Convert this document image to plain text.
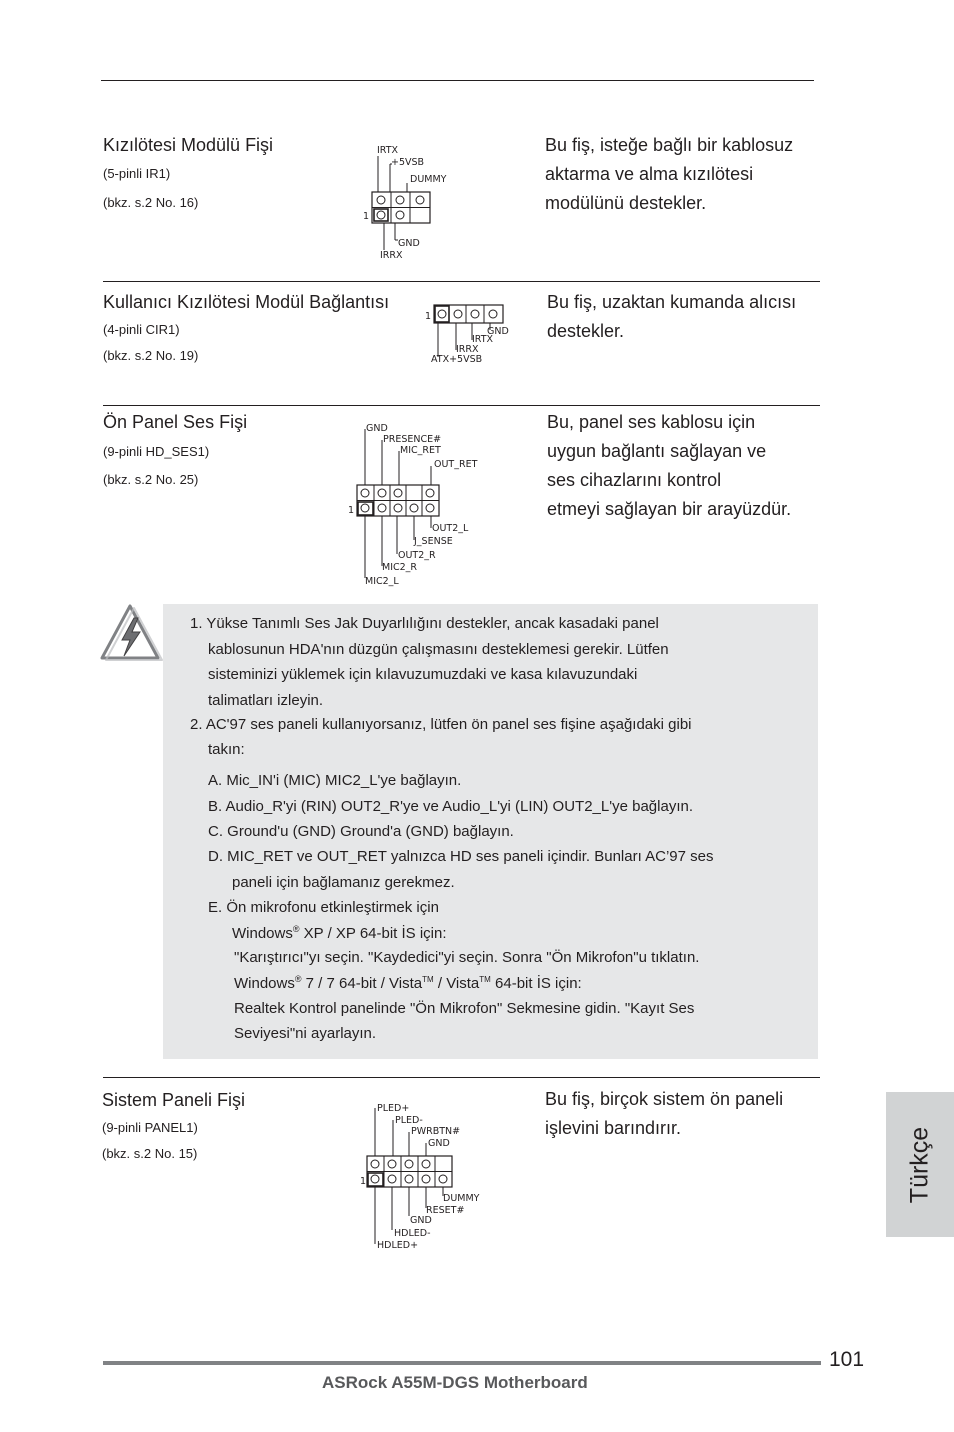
Kızılötesi Modülü Fişi
(5-pinli IR1)
(bkz. s.2 No. 16)
IRTX
+5VSB
DUMMY
1
GND
IRRX
Bu fiş, isteğe bağlı bir kablosuz
aktarma ve alma kızılötesi
modülünü destekler.
Kullanıcı Kızılötesi Modül Bağlantısı
(4-pinli CIR1)
(bkz. s.2 No. 19)
1
GND
IRTX
IRRX
ATX+5VSB
Bu fiş, uzaktan kumanda alıcısı
destekler.
Ön Panel Ses Fişi
(9-pinli HD_SES1)
(bkz. s.2 No. 25)
GND
PRESENCE#
MIC_RET
OUT_RET
1
OUT2_L
J_SENSE
OUT2_R
MIC2_R
MIC2_L
Bu, panel ses kablosu için
uygun bağlantı sağlayan ve
ses cihazlarını kontrol
etmeyi sağlayan bir arayüzdür.
1. Yükse Tanımlı Ses Jak Duyarlılığını destekler, ancak kasadaki panel
kablosunun HDA'nın düzgün çalışmasını desteklemesi gerekir. Lütfen
sisteminizi yüklemek için kılavuzumuzdaki ve kasa kılavuzundaki
talimatları izleyin.
2. AC'97 ses paneli kullanıyorsanız, lütfen ön panel ses fişine aşağıdaki gibi
takın:
A. Mic_IN'i (MIC) MIC2_L'ye bağlayın.
B. Audio_R'yi (RIN) OUT2_R'ye ve Audio_L'yi (LIN) OUT2_L'ye bağlayın.
C. Ground'u (GND) Ground'a (GND) bağlayın.
D. MIC_RET ve OUT_RET yalnızca HD ses paneli içindir. Bunları AC’97 ses
paneli için bağlamanız gerekmez.
E. Ön mikrofonu etkinleştirmek için
Windows® XP / XP 64-bit İS için:
"Karıştırıcı"yı seçin. "Kaydedici"yi seçin. Sonra "Ön Mikrofon"u tıklatın.
Windows® 7 / 7 64-bit / Vista™ / Vista™ 64-bit İS için:
Realtek Kontrol panelinde "Ön Mikrofon" Sekmesine gidin. "Kayıt Ses
Seviyesi"ni ayarlayın.
Sistem Paneli Fişi
(9-pinli PANEL1)
(bkz. s.2 No. 15)
PLED+
PLED-
PWRBTN#
GND
1
DUMMY
RESET#
GND
HDLED-
HDLED+
Bu fiş, birçok sistem ön paneli
işlevini barındırır.	Türkçe
101
ASRock A55M-DGS Motherboard
